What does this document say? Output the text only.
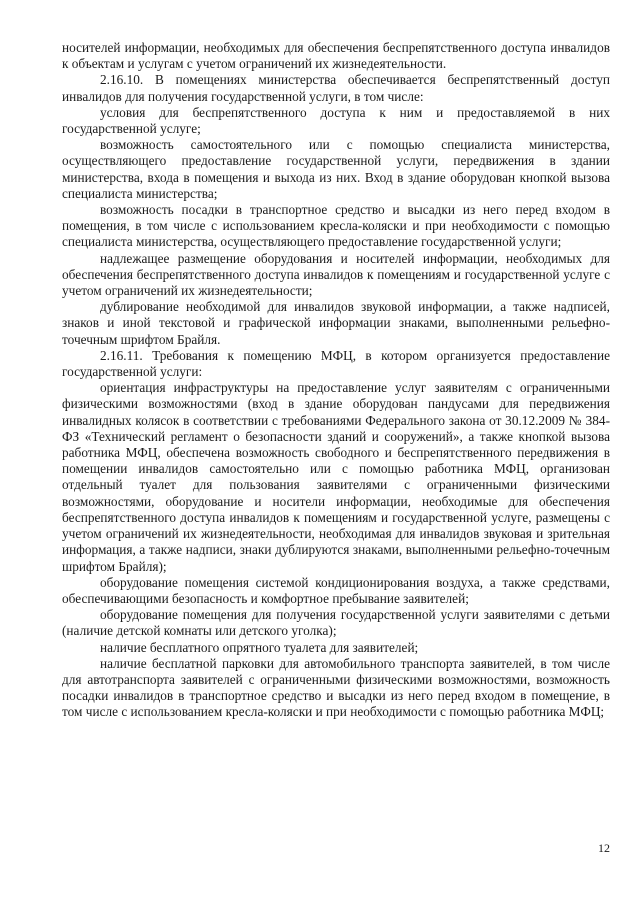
носителей информации, необходимых для обеспечения беспрепятственного доступа инвалидов к объектам и услугам с учетом ограничений их жизнедеятельности.

2.16.10. В помещениях министерства обеспечивается беспрепятственный доступ инвалидов для получения государственной услуги, в том числе:

условия для беспрепятственного доступа к ним и предоставляемой в них государственной услуге;

возможность самостоятельного или с помощью специалиста министерства, осуществляющего предоставление государственной услуги, передвижения в здании министерства, входа в помещения и выхода из них. Вход в здание оборудован кнопкой вызова специалиста министерства;

возможность посадки в транспортное средство и высадки из него перед входом в помещения, в том числе с использованием кресла-коляски и при необходимости с помощью специалиста министерства, осуществляющего предоставление государственной услуги;

надлежащее размещение оборудования и носителей информации, необходимых для обеспечения беспрепятственного доступа инвалидов к помещениям и государственной услуге с учетом ограничений их жизнедеятельности;

дублирование необходимой для инвалидов звуковой информации, а также надписей, знаков и иной текстовой и графической информации знаками, выполненными рельефно-точечным шрифтом Брайля.

2.16.11. Требования к помещению МФЦ, в котором организуется предоставление государственной услуги:

ориентация инфраструктуры на предоставление услуг заявителям с ограниченными физическими возможностями (вход в здание оборудован пандусами для передвижения инвалидных колясок в соответствии с требованиями Федерального закона от 30.12.2009 № 384-ФЗ «Технический регламент о безопасности зданий и сооружений», а также кнопкой вызова работника МФЦ, обеспечена возможность свободного и беспрепятственного передвижения в помещении инвалидов самостоятельно или с помощью работника МФЦ, организован отдельный туалет для пользования заявителями с ограниченными физическими возможностями, оборудование и носители информации, необходимые для обеспечения беспрепятственного доступа инвалидов к помещениям и государственной услуге, размещены с учетом ограничений их жизнедеятельности, необходимая для инвалидов звуковая и зрительная информация, а также надписи, знаки дублируются знаками, выполненными рельефно-точечным шрифтом Брайля);

оборудование помещения системой кондиционирования воздуха, а также средствами, обеспечивающими безопасность и комфортное пребывание заявителей;

оборудование помещения для получения государственной услуги заявителями с детьми (наличие детской комнаты или детского уголка);

наличие бесплатного опрятного туалета для заявителей;

наличие бесплатной парковки для автомобильного транспорта заявителей, в том числе для автотранспорта заявителей с ограниченными физическими возможностями, возможность посадки инвалидов в транспортное средство и высадки из него перед входом в помещение, в том числе с использованием кресла-коляски и при необходимости с помощью работника МФЦ;

12
